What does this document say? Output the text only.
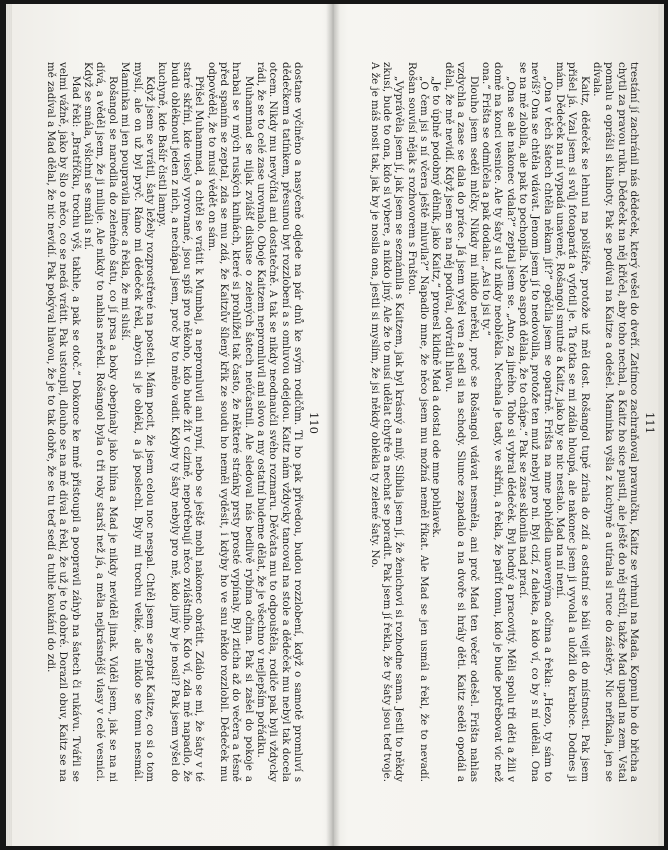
110

dostane vyčiněno a nasyčeně odjede na pár dnů ke svým rodičům. Ti ho pak přivedou, budou rozzlobení, když o samotě promluví s dědečkem a tatínkem, přesunou byt rozzlobení a s omluvou odejdou. Kaitz nám vždycky tancoval na stole a dědeček mu nebyl tak docela otcem. Nikdy mu nevyčítal ani dostatečně. A tak se nikdy neodnaučil svého rozmaru. Děvčata mu to odpouštěla, rodiče pak byli vždycky rádi, že se to celé zase urovnalo. Oboje Kaitzem nepromluvil ani slovo a my ostatní budeme dělat, že je všechno v nejlepším pořádku.

Muhammad se nijak zvlášť diskuse o zelených šatech neúčastnil. Ale sledoval nás bedlivě rybíma očima. Pak si zašel do pokoje a hrabal se v mých ruských knihách, které si prohlížel tak často, že některé stránky prsty prosté vypínaly. Byl zticha až do večera a těsně před spaním se zeptal, zda se mu zdá, že Kaitzův šílený křik ze soudu ho neměl vyděsit, i kdyby ho ve snu někdo rozzlobil. Dědeček mu odpověděl, že to musí vědět on sám.

Přišel Muhammad, a chtěl se vrátit k Mumbaj, a nepromluvil ani nyní, nebo se ještě mohl nakonec obrátit. Zdálo se mi, že šaty v té staré skříni, kde visely vyrovnané, jsou spíš pro někoho, kdo bude žít v cizině, nepotřebují něco zvláštního. Kdo ví, zda mě napadlo, že budu obléknout jeden z nich, a nechápal jsem, proč by to mělo vadit. Kdyby ty šaty nebyly pro mě, kdo jiný by je nosil? Pak jsem vyšel do kuchyně, kde Bašír čistil lampy.

Když jsem se vrátil, šaty ležely rozprostřené na posteli. Mám pocit, že jsem celou noc nespal. Chtěl jsem se zeptat Kaitze, co si o tom myslí, ale on už byl pryč. Ráno mi dědeček řekl, abych si je oblékl, a já poslechl. Byly mi trochu velké, ale nikdo se tomu nesmál. Maminka mi jen poupravila límec a řekla, že mi sluší.

Rošangol se narodila do zeleného šatu, co jí prsa a boky obepínaly jako hlína a Mad je nikdy neviděl jinak. Viděl jsem, jak se na ni dívá, a věděl jsem, že ji miluje. Ale nikdy to nahlas neřekl. Rošangol byla o tři roky starší než já, a měla nejkrásnější vlasy v celé vesnici. Když se smála, všichni se smáli s ní.

Mad řekl: „Bratříčku, trochu výš, takhle, a pak se otoč.“ Dokonce ke mně přistoupil a poopravil záhyb na šatech či rukávu. Tvářil se velmi vážně, jako by šlo o něco, co se nedá vrátit. Pak ustoupil, dlouho se na mě díval a řekl, že už je to dobré. Dorazil obuv, Kaitz se na mě zadíval a Mad dělal, že nic nevidí. Pak pokýval hlavou, že je to tak dobře, že se tu teď sedí a tuhle koukání do zdi.	111

trestání jí zachránil nás dědeček, který vešel do dveří. Zatímco zachraňoval pravnučku, Kaitz se vrhnul na Mada. Kopnul ho do břicha a chytil za pravou ruku. Dědeček na něj křičel, aby toho nechal, a Kaitz ho sice pustil, ale ještě do něj strčil, takže Mad upadl na zem. Vstal pomalu a oprášil si kalhoty. Pak se podíval na Kaitze a odešel. Maminka vyšla z kuchyně a utírala si ruce do zástěry. Nic neříkala, jen se dívala.

Kaitz, dědeček se lehnul na polštáře, protože už měl dost. Rošangol tupě zírala do zdí a ostatní se báli vejít do místnosti. Pak jsem přišel já. Vzal jsem si svůj fotoaparát a vyfotil je. Ta fotka se mi zdála hloupá, ale nakonec jsem ji vyvolal a uložil do krabice. Dodnes ji mám. Dědeček na ní vypadá unaveně, Rošangol smutně a Kaitz, jako by se nic nestalo. Mad na ní není.

„Ona v těch šatech chtěla někam jít?“ opáčila jsem se opatrně. Frišta na mne pohlédla unavenýma očima a řekla: „Hezo, ty sám to nevíš? Ona se chtěla vdávat. Jenom jsem jí to nedovolila, protože ten muž nebyl pro ni. Byl cizí, z daleka, a kdo ví, co by s ní udělal. Ona se na mě zlobila, ale pak to pochopila. Nebo aspoň dělala, že to chápe.“ Pak se zase sklonila nad prací.

„Ona se ale nakonec vdala?“ zeptal jsem se. „Ano, za jiného. Toho si vybral dědeček. Byl hodný a pracovitý. Měli spolu tři děti a žili v domě na konci vesnice. Ale ty šaty si už nikdy neoblékla. Nechala je tady, ve skříni, a řekla, že patří tomu, kdo je bude potřebovat víc než ona.“ Frišta se odmlčela a pak dodala: „Asi to jsi ty.“

Dlouho jsem seděl mlčky. Nikdy mi nikdo neřekl, proč se Rošangol vdávat nesměla, ani proč Mad ten večer odešel. Frišta nahlas vzdychla a zase se dala do práce. Já jsem vyšel ven a sedl si na schody. Slunce zapadalo a na dvoře si hrály děti. Kaitz seděl opodál a dělal, že mě nevidí. Když jsem se na něj podíval, odvrátil hlavu.

„Je to úplně podobný dělník, jako Kaitz,“ pronesl klidně Mad a dostal ode mne pohlavek.

„O čem jsi s ní včera ještě mluvila?“ Napadlo mne, že něco jsem mu možná neměl říkat. Ale Mad se jen usmál a řekl, že to nevadí. Rošan souvisí nějak s rozhovorem s Fruštou.

„Vyprávěla jsem jí, jak jsem se seznámila s Kaitzem, jak byl krásný a milý. Slíbila jsem jí, že ženichovi si rozhodne sama. Jestli to někdy zkusí, bude to ona, kdo si vybere, a nikdo jiný. Ale že to musí udělat chytře a nechat se poradit. Pak jsem jí řekla, že ty šaty jsou teď tvoje. A že je máš nosit tak, jak by je nosila ona, jestli si myslím, že jsi někdy oblékla ty zelené šaty. No.
